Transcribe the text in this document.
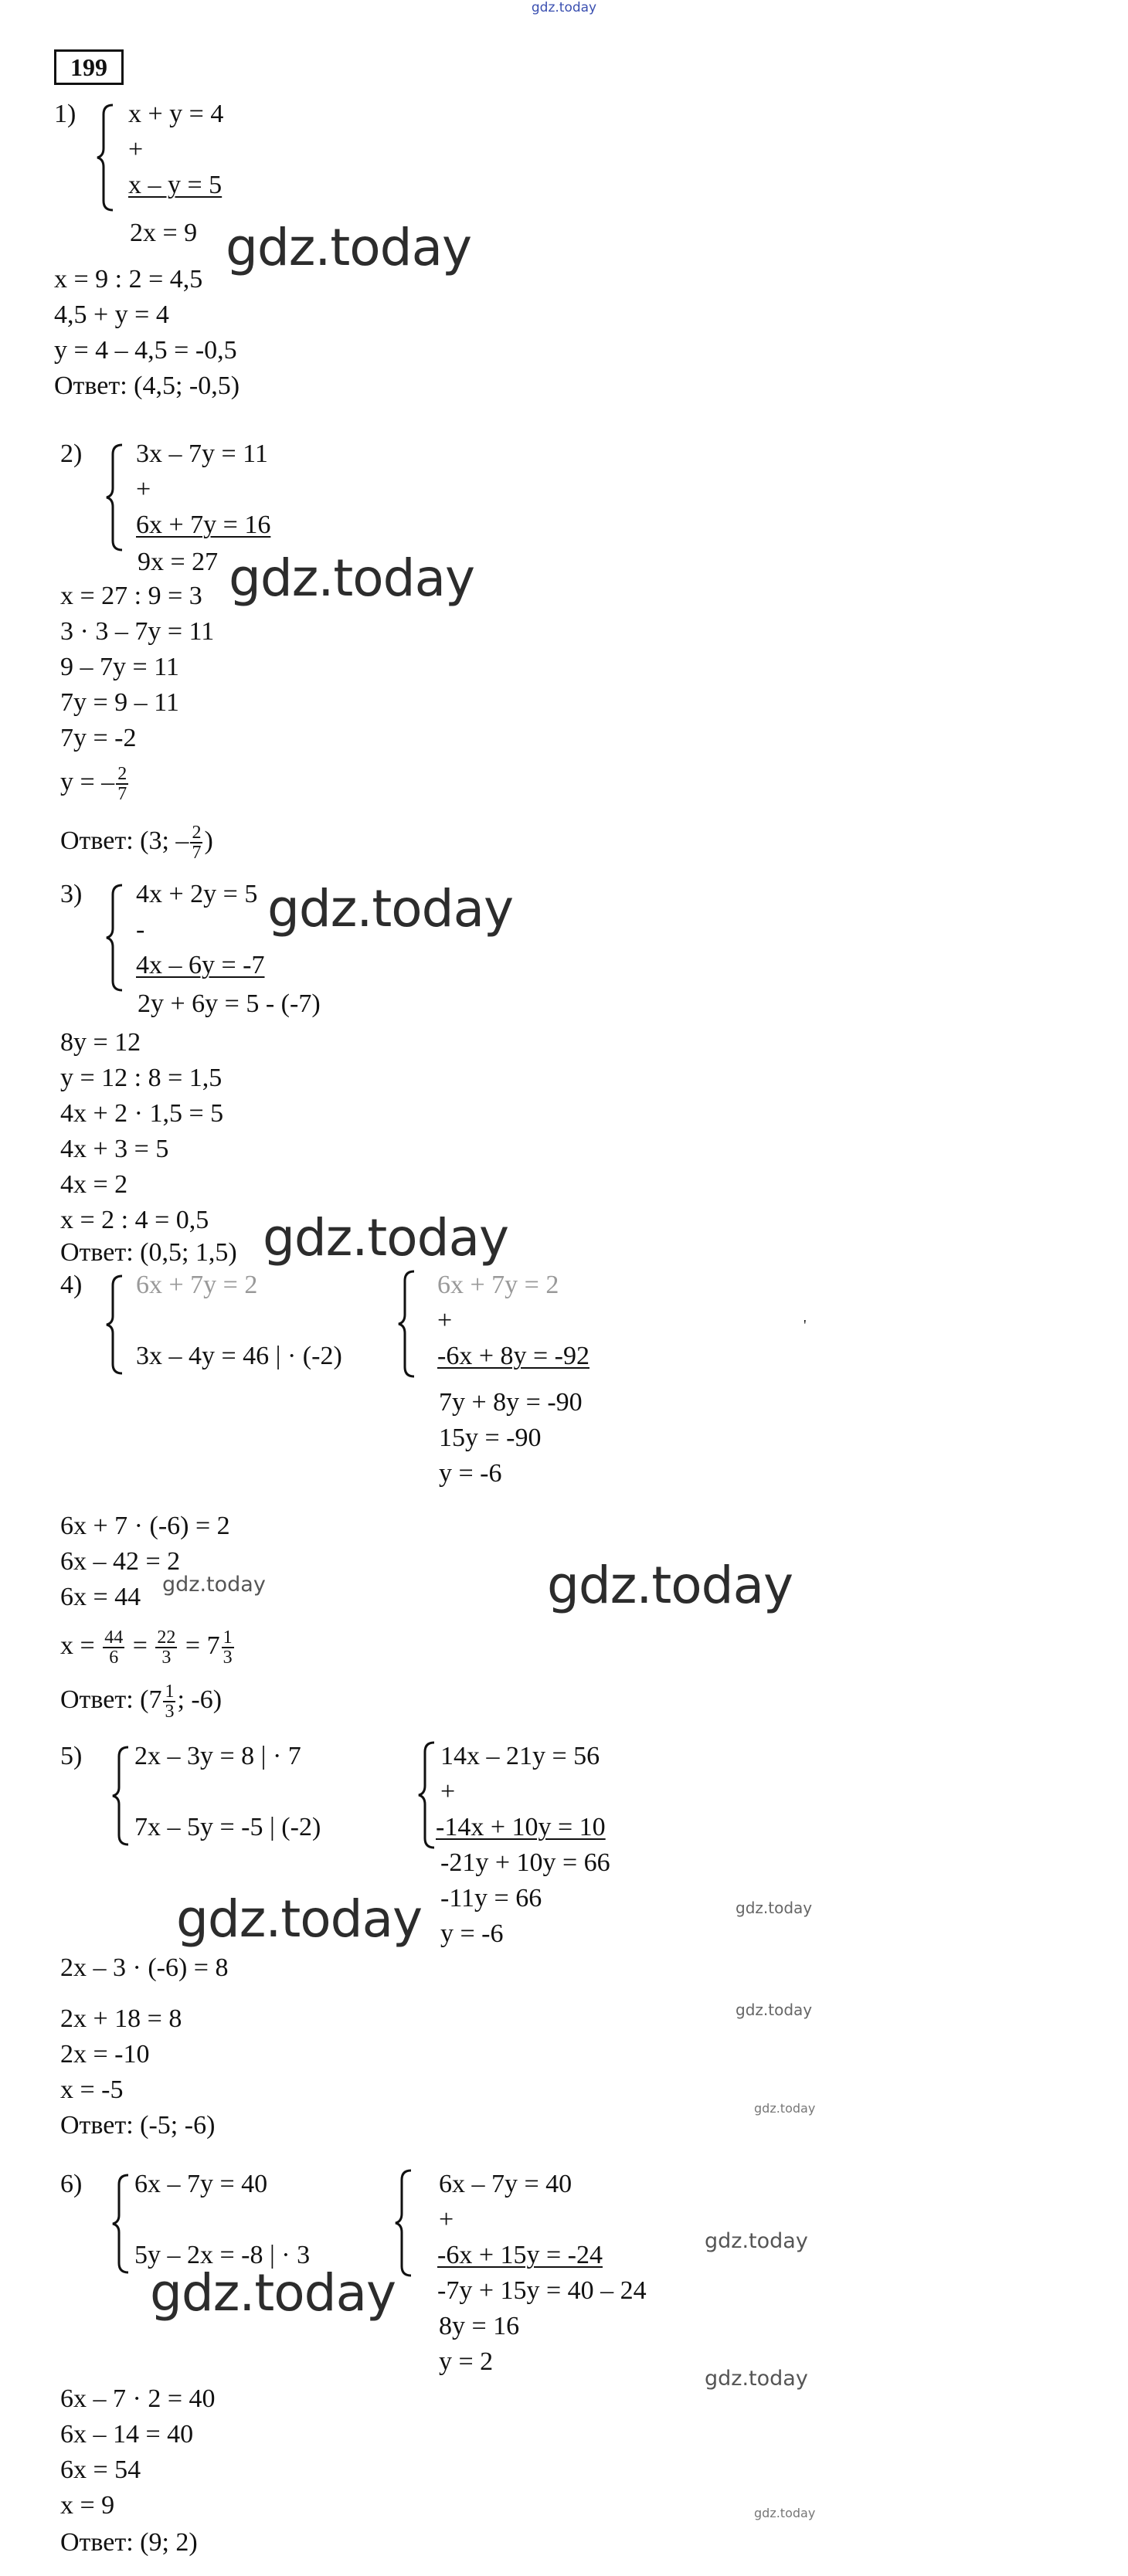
gdz.today
199
1) x + y = 4
+
x – y = 5
2x = 9
x = 9 : 2 = 4,5
4,5 + y = 4
y = 4 – 4,5 = -0,5
Ответ: (4,5; -0,5)
gdz.today
2) 3x – 7y = 11
+
6x + 7y = 16
9x = 27
x = 27 : 9 = 3
3 · 3 – 7y = 11
9 – 7y = 11
7y = 9 – 11
7y = -2
y = – $\frac{2}{7}$
Ответ: (3; – $\frac{2}{7}$ )
gdz.today
3) 4x + 2y = 5
-
4x – 6y = -7
2y + 6y = 5 - (-7)
8y = 12
y = 12 : 8 = 1,5
4x + 2 · 1,5 = 5
4x + 3 = 5
4x = 2
x = 2 : 4 = 0,5
Ответ: (0,5; 1,5)
gdz.today
gdz.today
4) 6x + 7y = 2
3x – 4y = 46 | · (-2)
6x + 7y = 2
+
-6x + 8y = -92
'
7y + 8y = -90
15y = -90
y = -6
6x + 7 · (-6) = 2
6x – 42 = 2
6x = 44
$x = \frac{44}{6} = \frac{22}{3} = 7 \frac{1}{3}$
Ответ: ($7 \frac{1}{3}$ ; -6)
gdz.today	gdz.today
5) 2x – 3y = 8 | · 7
7x – 5y = -5 | (-2)
14x – 21y = 56
+
-14x + 10y = 10
-21y + 10y = 66
-11y = 66
y = -6
2x – 3 · (-6) = 8
2x + 18 = 8
2x = -10
x = -5
Ответ: (-5; -6)
gdz.today	gdz.today
gdz.today
gdz.today
6) 6x – 7y = 40
5y – 2x = -8 | · 3
6x – 7y = 40
+
-6x + 15y = -24
-7y + 15y = 40 – 24
8y = 16
y = 2
6x – 7 · 2 = 40
6x – 14 = 40
6x = 54
x = 9
Ответ: (9; 2)
gdz.today
gdz.today
gdz.today
gdz.today
